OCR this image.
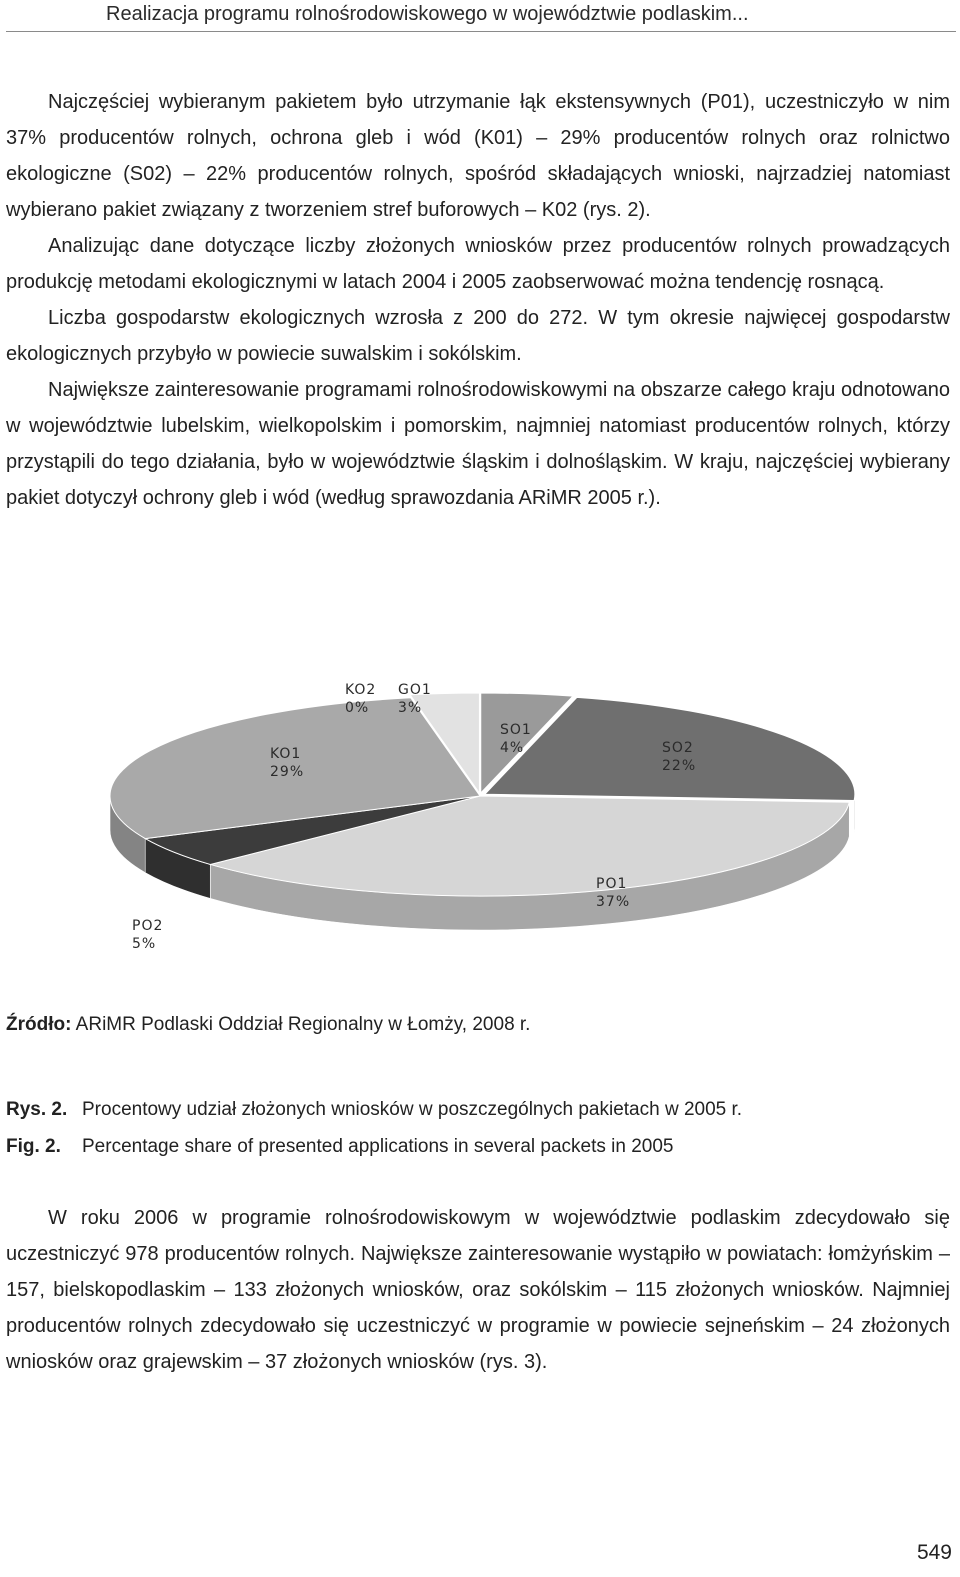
Realizacja programu rolnośrodowiskowego w województwie podlaskim...

Najczęściej wybieranym pakietem było utrzymanie łąk ekstensywnych (P01), uczestniczyło w nim 37% producentów rolnych, ochrona gleb i wód (K01) – 29% producentów rolnych oraz rolnictwo ekologiczne (S02) – 22% producentów rolnych, spośród składających wnioski, najrzadziej natomiast wybierano pakiet związany z tworzeniem stref buforowych – K02 (rys. 2).

Analizując dane dotyczące liczby złożonych wniosków przez producentów rolnych prowadzących produkcję metodami ekologicznymi w latach 2004 i 2005 zaobserwować można tendencję rosnącą.

Liczba gospodarstw ekologicznych wzrosła z 200 do 272. W tym okresie najwięcej gospodarstw ekologicznych przybyło w powiecie suwalskim i sokólskim.

Największe zainteresowanie programami rolnośrodowiskowymi na obszarze całego kraju odnotowano w województwie lubelskim, wielkopolskim i pomorskim, najmniej natomiast producentów rolnych, którzy przystąpili do tego działania, było w województwie śląskim i dolnośląskim. W kraju, najczęściej wybierany pakiet dotyczył ochrony gleb i wód (według sprawozdania ARiMR 2005 r.).

SO1
4%	SO2
22%
PO1
37%
PO2
5%
KO1
29%
KO2
0%
GO1
3%
Źródło: ARiMR Podlaski Oddział Regionalny w Łomży, 2008 r.
Rys. 2. Procentowy udział złożonych wniosków w poszczególnych pakietach w 2005 r.
Fig. 2. Percentage share of presented applications in several packets in 2005

W roku 2006 w programie rolnośrodowiskowym w województwie podlaskim zdecydowało się uczestniczyć 978 producentów rolnych. Największe zainteresowanie wystąpiło w powiatach: łomżyńskim – 157, bielskopodlaskim – 133 złożonych wniosków, oraz sokólskim – 115 złożonych wniosków. Najmniej producentów rolnych zdecydowało się uczestniczyć w programie w powiecie sejneńskim – 24 złożonych wniosków oraz grajewskim – 37 złożonych wniosków (rys. 3).

549
